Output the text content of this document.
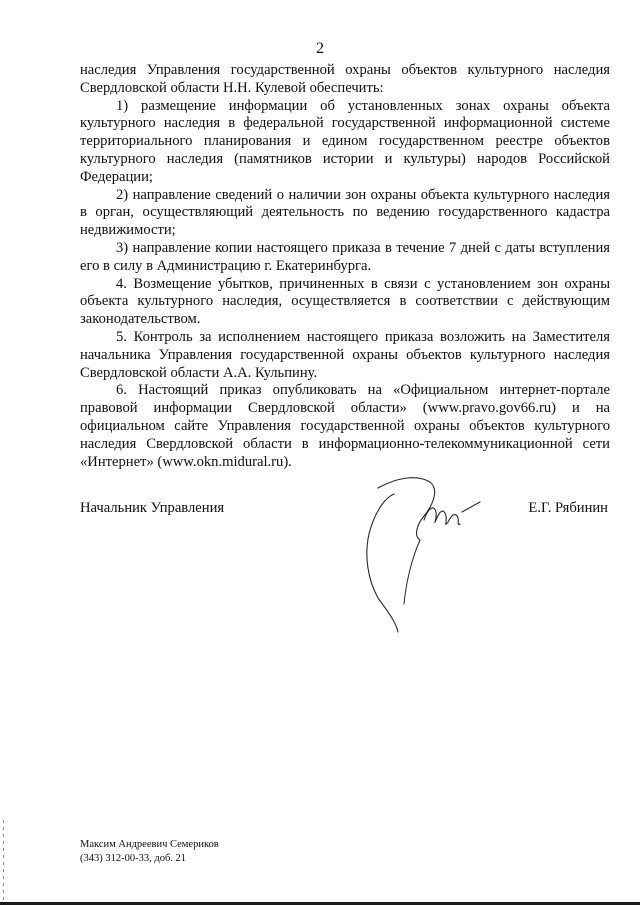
2

наследия Управления государственной охраны объектов культурного наследия Свердловской области Н.Н. Кулевой обеспечить:

1) размещение информации об установленных зонах охраны объекта культурного наследия в федеральной государственной информационной системе территориального планирования и едином государственном реестре объектов культурного наследия (памятников истории и культуры) народов Российской Федерации;

2) направление сведений о наличии зон охраны объекта культурного наследия в орган, осуществляющий деятельность по ведению государственного кадастра недвижимости;

3) направление копии настоящего приказа в течение 7 дней с даты вступления его в силу в Администрацию г. Екатеринбурга.

4. Возмещение убытков, причиненных в связи с установлением зон охраны объекта культурного наследия, осуществляется в соответствии с действующим законодательством.

5. Контроль за исполнением настоящего приказа возложить на Заместителя начальника Управления государственной охраны объектов культурного наследия Свердловской области А.А. Кульпину.

6. Настоящий приказ опубликовать на «Официальном интернет-портале правовой информации Свердловской области» (www.pravo.gov66.ru) и на официальном сайте Управления государственной охраны объектов культурного наследия Свердловской области в информационно-телекоммуникационной сети «Интернет» (www.okn.midural.ru).

Начальник Управления	Е.Г. Рябинин
Максим Андреевич Семериков
(343) 312-00-33, доб. 21
